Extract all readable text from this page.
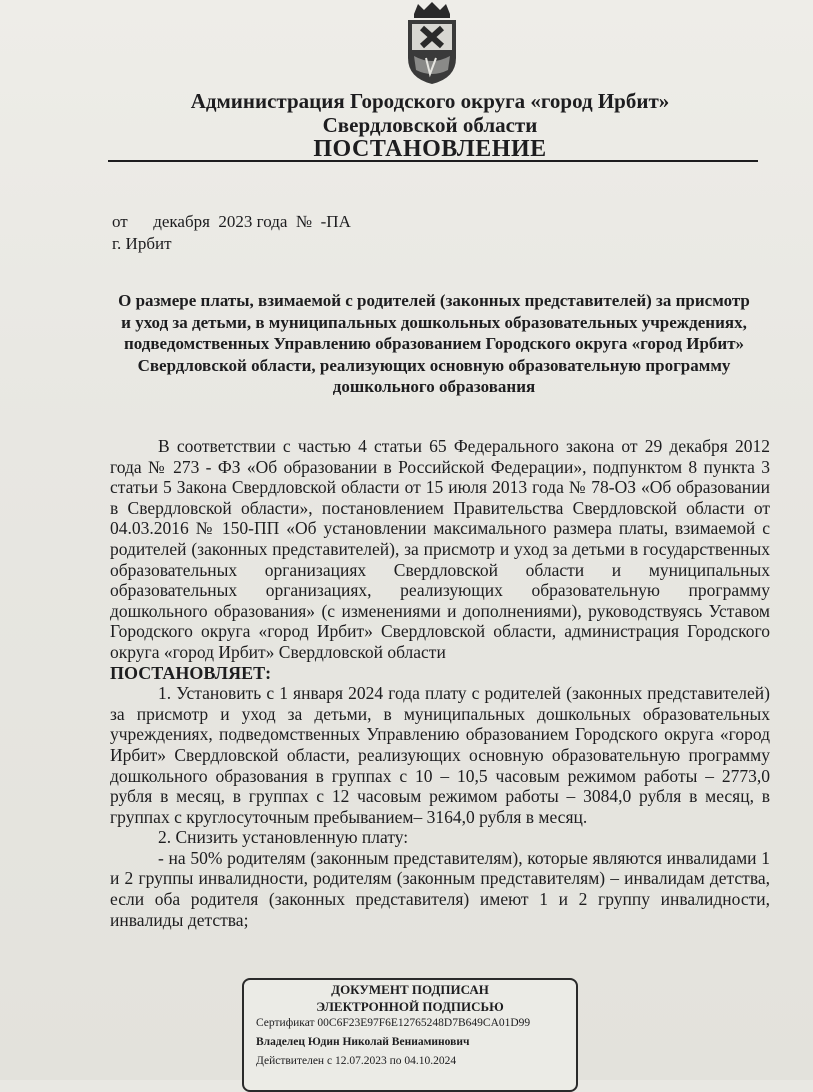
Администрация Городского округа «город Ирбит»
Свердловской области
ПОСТАНОВЛЕНИЕ
от      декабря  2023 года  №  -ПА
г. Ирбит
О размере платы, взимаемой с родителей (законных представителей) за присмотр и уход за детьми, в муниципальных дошкольных образовательных учреждениях, подведомственных Управлению образованием Городского округа «город Ирбит» Свердловской области, реализующих основную образовательную программу дошкольного образования

В соответствии с частью 4 статьи 65 Федерального закона от 29 декабря 2012 года № 273 - ФЗ «Об образовании в Российской Федерации», подпунктом 8 пункта 3 статьи 5 Закона Свердловской области от 15 июля 2013 года № 78-ОЗ «Об образовании в Свердловской области», постановлением Правительства Свердловской области от 04.03.2016 № 150-ПП «Об установлении максимального размера платы, взимаемой с родителей (законных представителей), за присмотр и уход за детьми в государственных образовательных организациях Свердловской области и муниципальных образовательных организациях, реализующих образовательную программу дошкольного образования» (с изменениями и дополнениями), руководствуясь Уставом Городского округа «город Ирбит» Свердловской области, администрация Городского округа «город Ирбит» Свердловской области

ПОСТАНОВЛЯЕТ:

1. Установить с 1 января 2024 года плату с родителей (законных представителей) за присмотр и уход за детьми, в муниципальных дошкольных образовательных учреждениях, подведомственных Управлению образованием Городского округа «город Ирбит» Свердловской области, реализующих основную образовательную программу дошкольного образования в группах с 10 – 10,5 часовым режимом работы – 2773,0 рубля в месяц, в группах с 12 часовым режимом работы – 3084,0 рубля в месяц, в группах с круглосуточным пребыванием– 3164,0 рубля в месяц.

2. Снизить установленную плату:

- на 50% родителям (законным представителям), которые являются инвалидами 1 и 2 группы инвалидности, родителям (законным представителям) – инвалидам детства, если оба родителя (законных представителя) имеют 1 и 2 группу инвалидности, инвалиды детства;

ДОКУМЕНТ ПОДПИСАН
ЭЛЕКТРОННОЙ ПОДПИСЬЮ
Сертификат 00C6F23E97F6E12765248D7B649CA01D99
Владелец Юдин Николай Вениаминович
Действителен с 12.07.2023 по 04.10.2024
